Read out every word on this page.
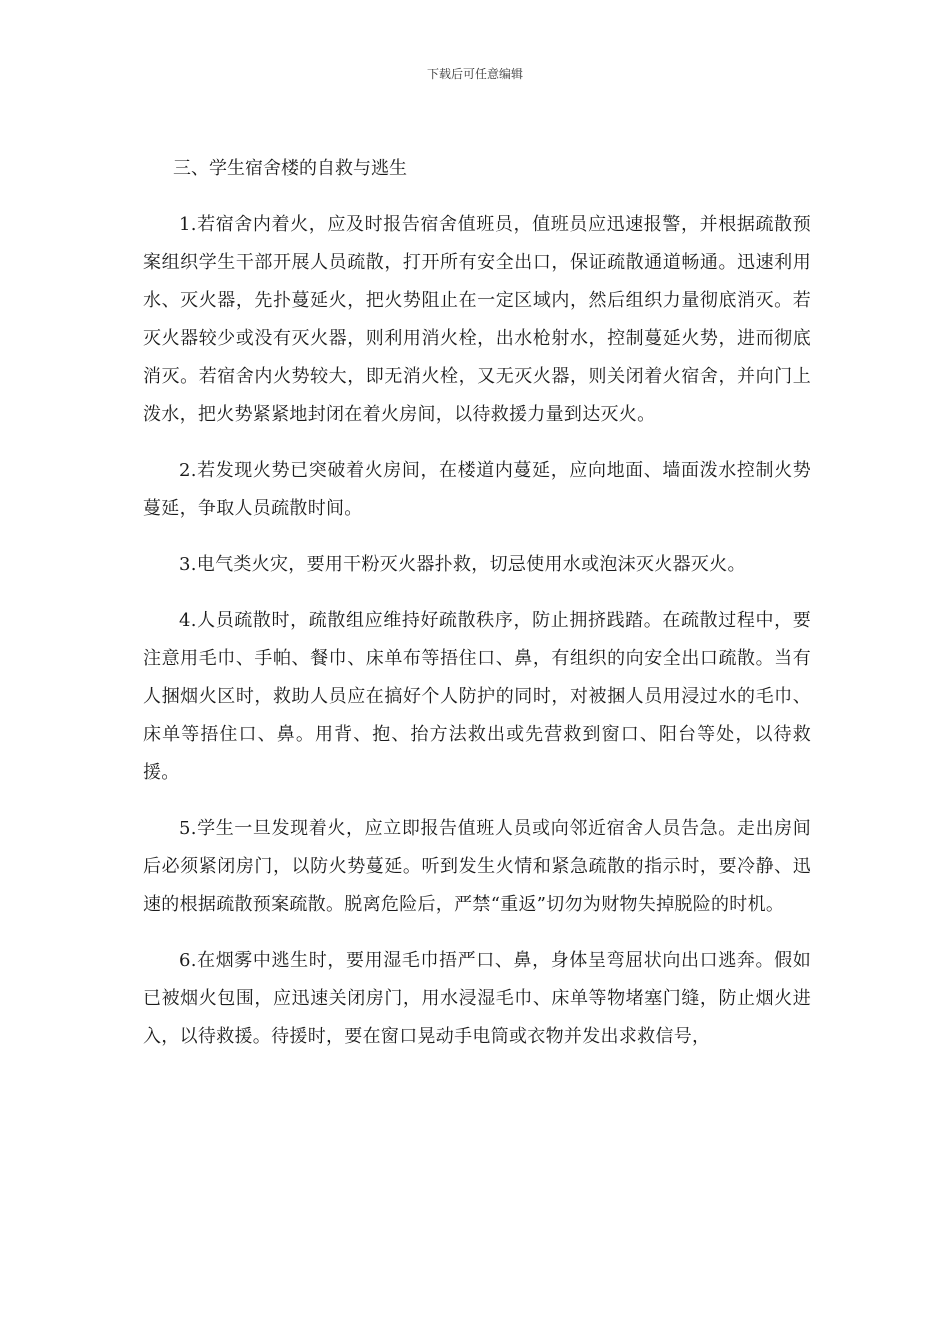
下载后可任意编辑
三、学生宿舍楼的自救与逃生

1.若宿舍内着火，应及时报告宿舍值班员，值班员应迅速报警，并根据疏散预案组织学生干部开展人员疏散，打开所有安全出口，保证疏散通道畅通。迅速利用水、灭火器，先扑蔓延火，把火势阻止在一定区域内，然后组织力量彻底消灭。若灭火器较少或没有灭火器，则利用消火栓，出水枪射水，控制蔓延火势，进而彻底消灭。若宿舍内火势较大，即无消火栓，又无灭火器，则关闭着火宿舍，并向门上泼水，把火势紧紧地封闭在着火房间，以待救援力量到达灭火。

2.若发现火势已突破着火房间，在楼道内蔓延，应向地面、墙面泼水控制火势蔓延，争取人员疏散时间。

3.电气类火灾，要用干粉灭火器扑救，切忌使用水或泡沫灭火器灭火。

4.人员疏散时，疏散组应维持好疏散秩序，防止拥挤践踏。在疏散过程中，要注意用毛巾、手帕、餐巾、床单布等捂住口、鼻，有组织的向安全出口疏散。当有人捆烟火区时，救助人员应在搞好个人防护的同时，对被捆人员用浸过水的毛巾、床单等捂住口、鼻。用背、抱、抬方法救出或先营救到窗口、阳台等处，以待救援。

5.学生一旦发现着火，应立即报告值班人员或向邻近宿舍人员告急。走出房间后必须紧闭房门，以防火势蔓延。听到发生火情和紧急疏散的指示时，要冷静、迅速的根据疏散预案疏散。脱离危险后，严禁“重返”切勿为财物失掉脱险的时机。

6.在烟雾中逃生时，要用湿毛巾捂严口、鼻，身体呈弯屈状向出口逃奔。假如已被烟火包围，应迅速关闭房门，用水浸湿毛巾、床单等物堵塞门缝，防止烟火进入，以待救援。待援时，要在窗口晃动手电筒或衣物并发出求救信号，
